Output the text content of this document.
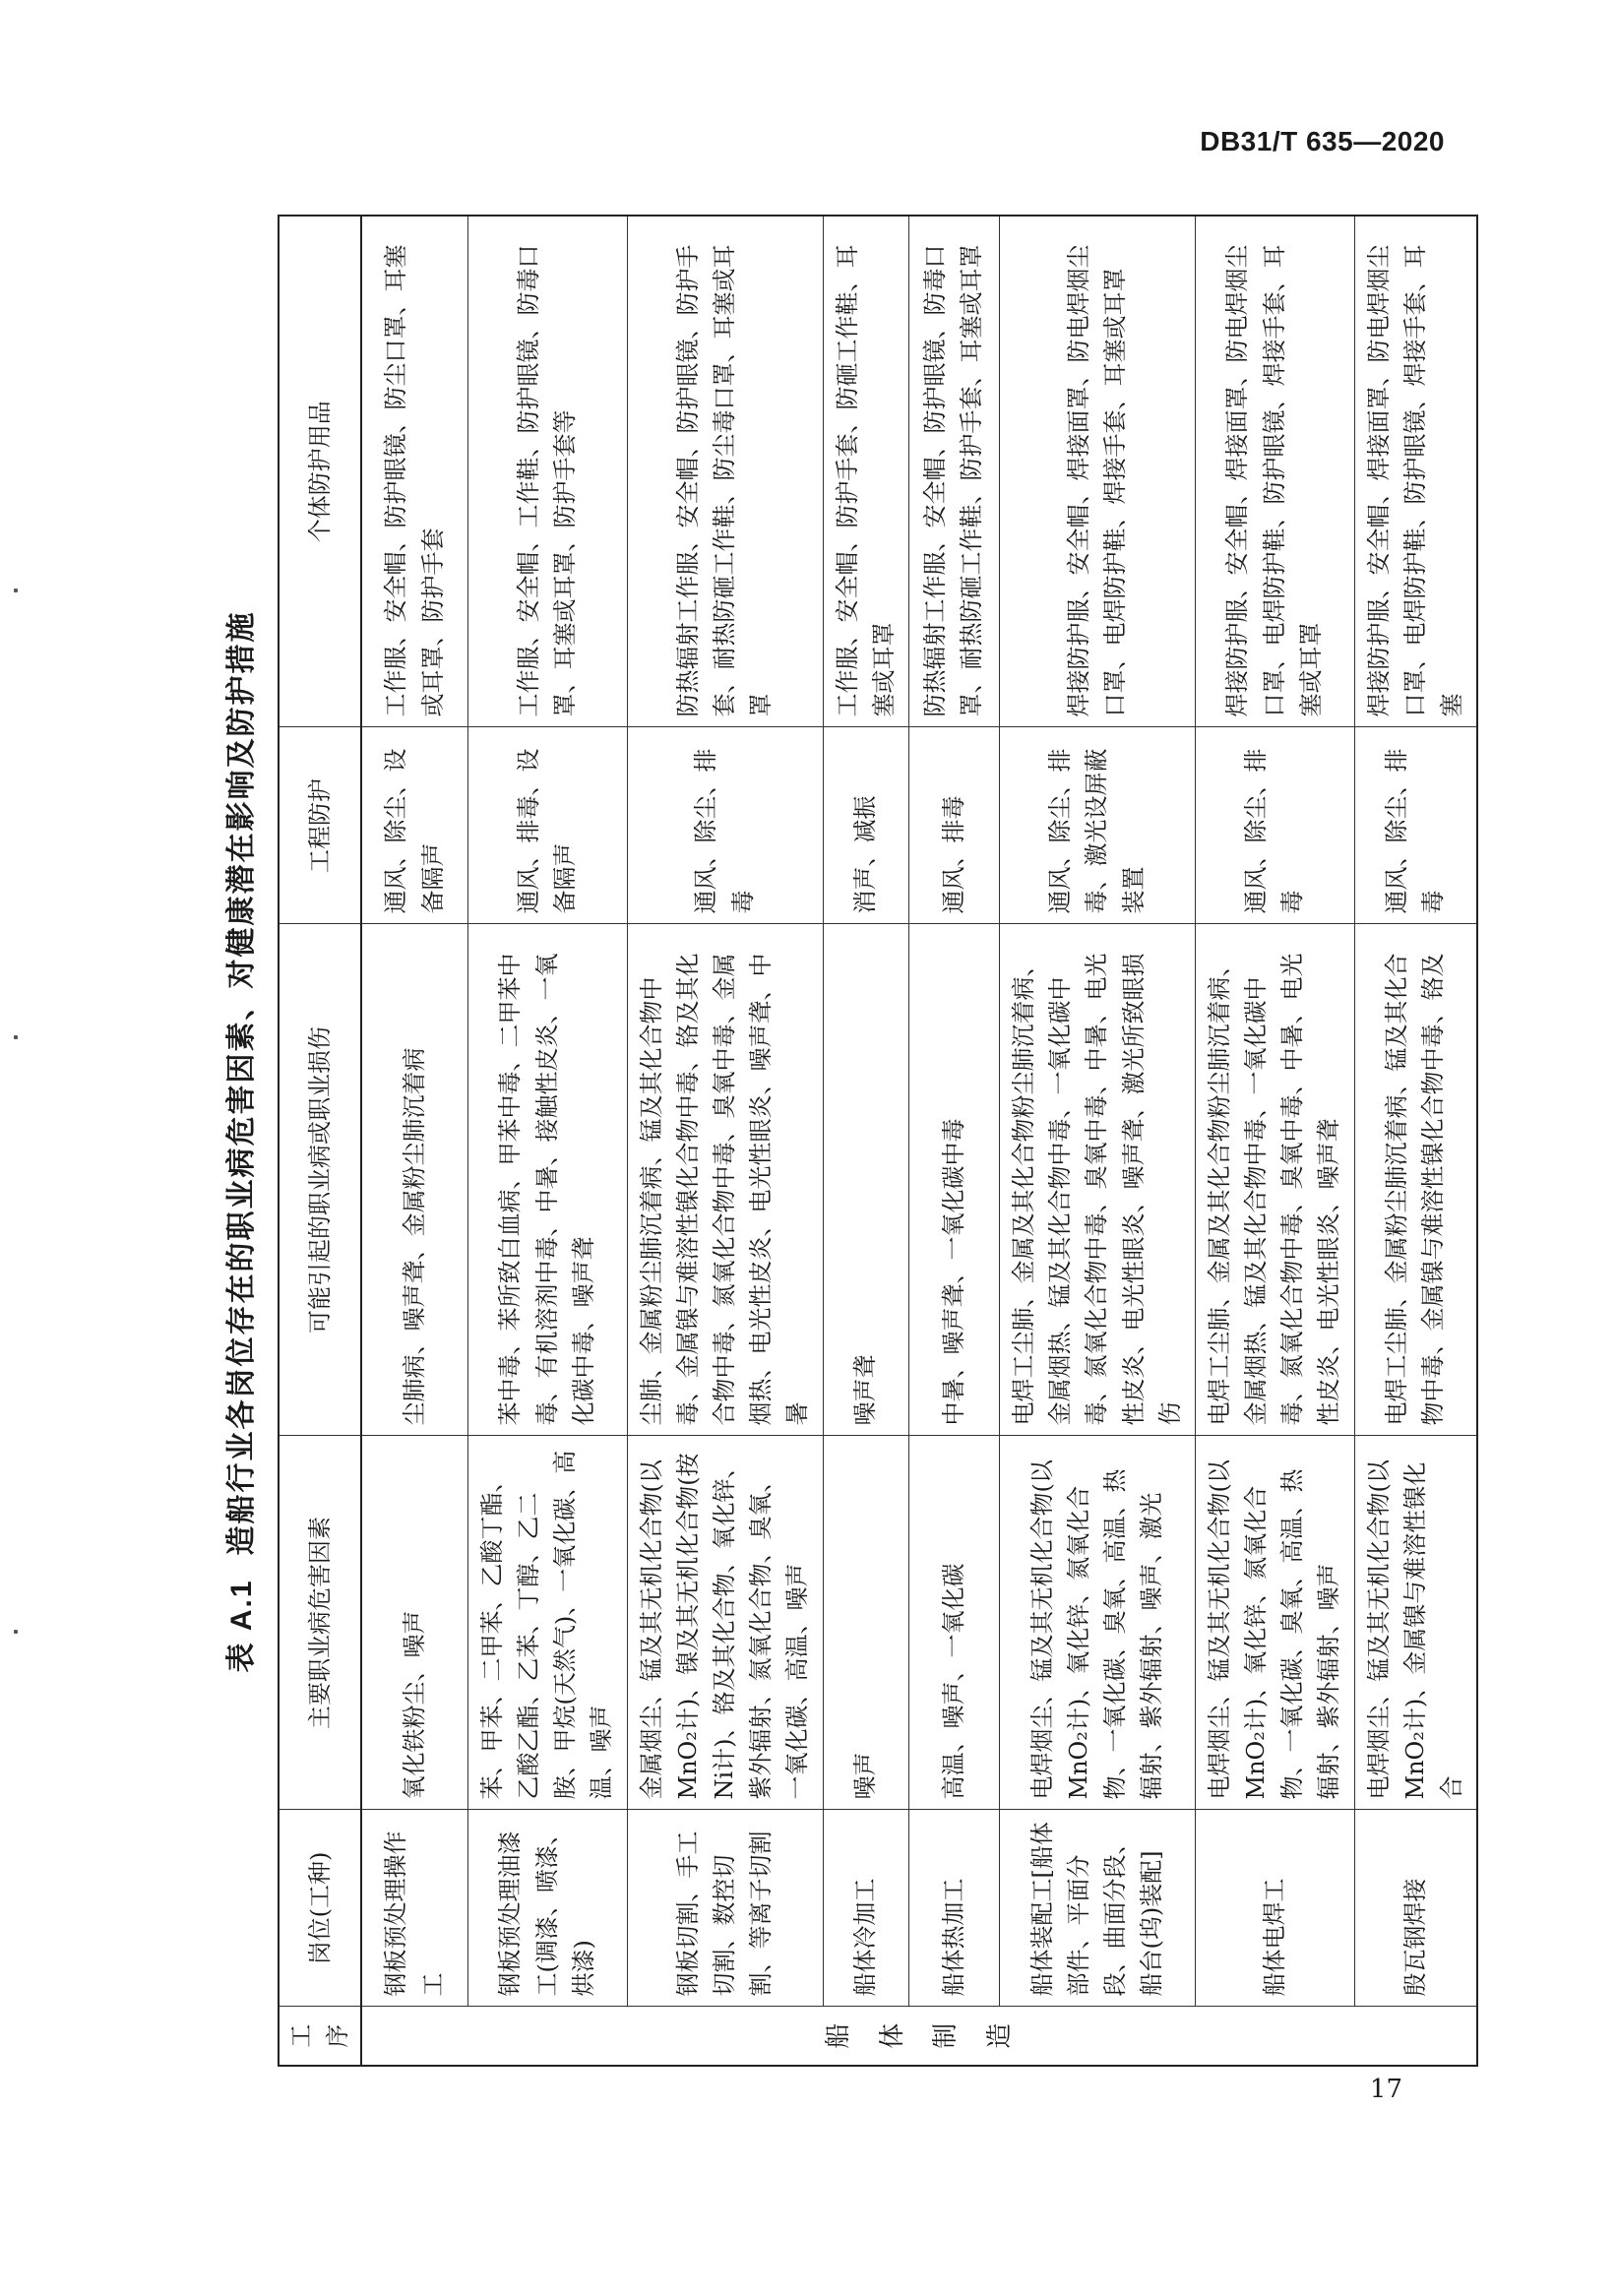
DB31/T 635—2020
表 A.1造船行业各岗位存在的职业病危害因素、对健康潜在影响及防护措施
工序	岗位(工种)	主要职业病危害因素	可能引起的职业病或职业损伤	工程防护	个体防护用品
船体制造	钢板预处理操作工	氧化铁粉尘、噪声	尘肺病、噪声聋、金属粉尘肺沉着病	通风、除尘、设备隔声	工作服、安全帽、防护眼镜、防尘口罩、耳塞或耳罩、防护手套
	钢板预处理油漆工(调漆、喷漆、烘漆)	苯、甲苯、二甲苯、乙酸丁酯、乙酸乙酯、乙苯、丁醇、乙二胺、甲烷(天然气)、一氧化碳、高温、噪声	苯中毒、苯所致白血病、甲苯中毒、二甲苯中毒、有机溶剂中毒、中暑、接触性皮炎、一氧化碳中毒、噪声聋	通风、排毒、设备隔声	工作服、安全帽、工作鞋、防护眼镜、防毒口罩、耳塞或耳罩、防护手套等
	钢板切割、手工切割、数控切割、等离子切割	金属烟尘、锰及其无机化合物(以MnO₂计)、镍及其无机化合物(按Ni计)、铬及其化合物、氧化锌、紫外辐射、氮氧化合物、臭氧、一氧化碳、高温、噪声	尘肺、金属粉尘肺沉着病、锰及其化合物中毒、金属镍与难溶性镍化合物中毒、铬及其化合物中毒、氮氧化合物中毒、臭氧中毒、金属烟热、电光性皮炎、电光性眼炎、噪声聋、中暑	通风、除尘、排毒	防热辐射工作服、安全帽、防护眼镜、防护手套、耐热防砸工作鞋、防尘毒口罩、耳塞或耳罩
	船体冷加工	噪声	噪声聋	消声、减振	工作服、安全帽、防护手套、防砸工作鞋、耳塞或耳罩
	船体热加工	高温、噪声、一氧化碳	中暑、噪声聋、一氧化碳中毒	通风、排毒	防热辐射工作服、安全帽、防护眼镜、防毒口罩、耐热防砸工作鞋、防护手套、耳塞或耳罩
	船体装配工[船体部件、平面分段、曲面分段、船台(坞)装配]	电焊烟尘、锰及其无机化合物(以MnO₂计)、氧化锌、氮氧化合物、一氧化碳、臭氧、高温、热辐射、紫外辐射、噪声、激光	电焊工尘肺、金属及其化合物粉尘肺沉着病、金属烟热、锰及其化合物中毒、一氧化碳中毒、氮氧化合物中毒、臭氧中毒、中暑、电光性皮炎、电光性眼炎、噪声聋、激光所致眼损伤	通风、除尘、排毒、激光设屏蔽装置	焊接防护服、安全帽、焊接面罩、防电焊烟尘口罩、电焊防护鞋、焊接手套、耳塞或耳罩
	船体电焊工	电焊烟尘、锰及其无机化合物(以MnO₂计)、氧化锌、氮氧化合物、一氧化碳、臭氧、高温、热辐射、紫外辐射、噪声	电焊工尘肺、金属及其化合物粉尘肺沉着病、金属烟热、锰及其化合物中毒、一氧化碳中毒、氮氧化合物中毒、臭氧中毒、中暑、电光性皮炎、电光性眼炎、噪声聋	通风、除尘、排毒	焊接防护服、安全帽、焊接面罩、防电焊烟尘口罩、电焊防护鞋、防护眼镜、焊接手套、耳塞或耳罩
	殷瓦钢焊接	电焊烟尘、锰及其无机化合物(以MnO₂计)、金属镍与难溶性镍化合	电焊工尘肺、金属粉尘肺沉着病、锰及其化合物中毒、金属镍与难溶性镍化合物中毒、铬及	通风、除尘、排毒	焊接防护服、安全帽、焊接面罩、防电焊烟尘口罩、电焊防护鞋、防护眼镜、焊接手套、耳塞
17
